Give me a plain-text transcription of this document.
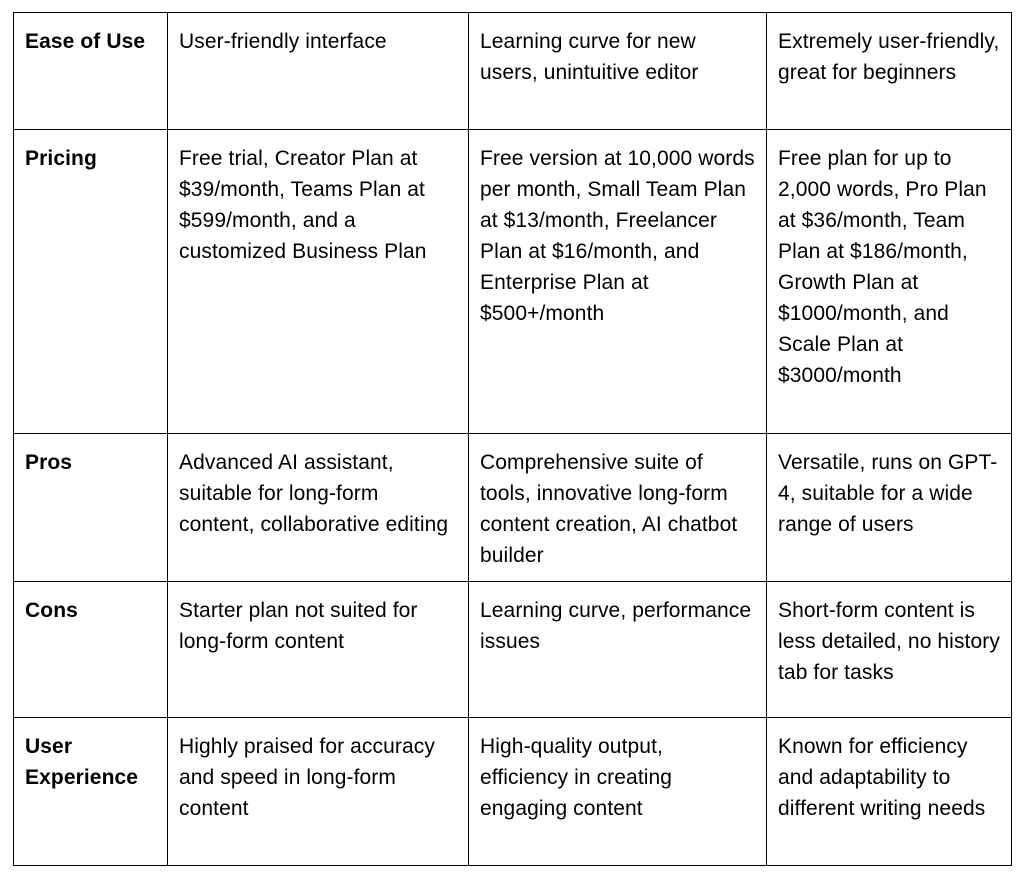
Ease of Use	User-friendly interface	Learning curve for new users, unintuitive editor	Extremely user-friendly, great for beginners
Pricing	Free trial, Creator Plan at $39/month, Teams Plan at $599/month, and a customized Business Plan	Free version at 10,000 words per month, Small Team Plan at $13/month, Freelancer Plan at $16/month, and Enterprise Plan at $500+/month	Free plan for up to 2,000 words, Pro Plan at $36/month, Team Plan at $186/month, Growth Plan at $1000/month, and Scale Plan at $3000/month
Pros	Advanced AI assistant, suitable for long-form content, collaborative editing	Comprehensive suite of tools, innovative long-form content creation, AI chatbot builder	Versatile, runs on GPT-4, suitable for a wide range of users
Cons	Starter plan not suited for long-form content	Learning curve, performance issues	Short-form content is less detailed, no history tab for tasks
User Experience	Highly praised for accuracy and speed in long-form content	High-quality output, efficiency in creating engaging content	Known for efficiency and adaptability to different writing needs
